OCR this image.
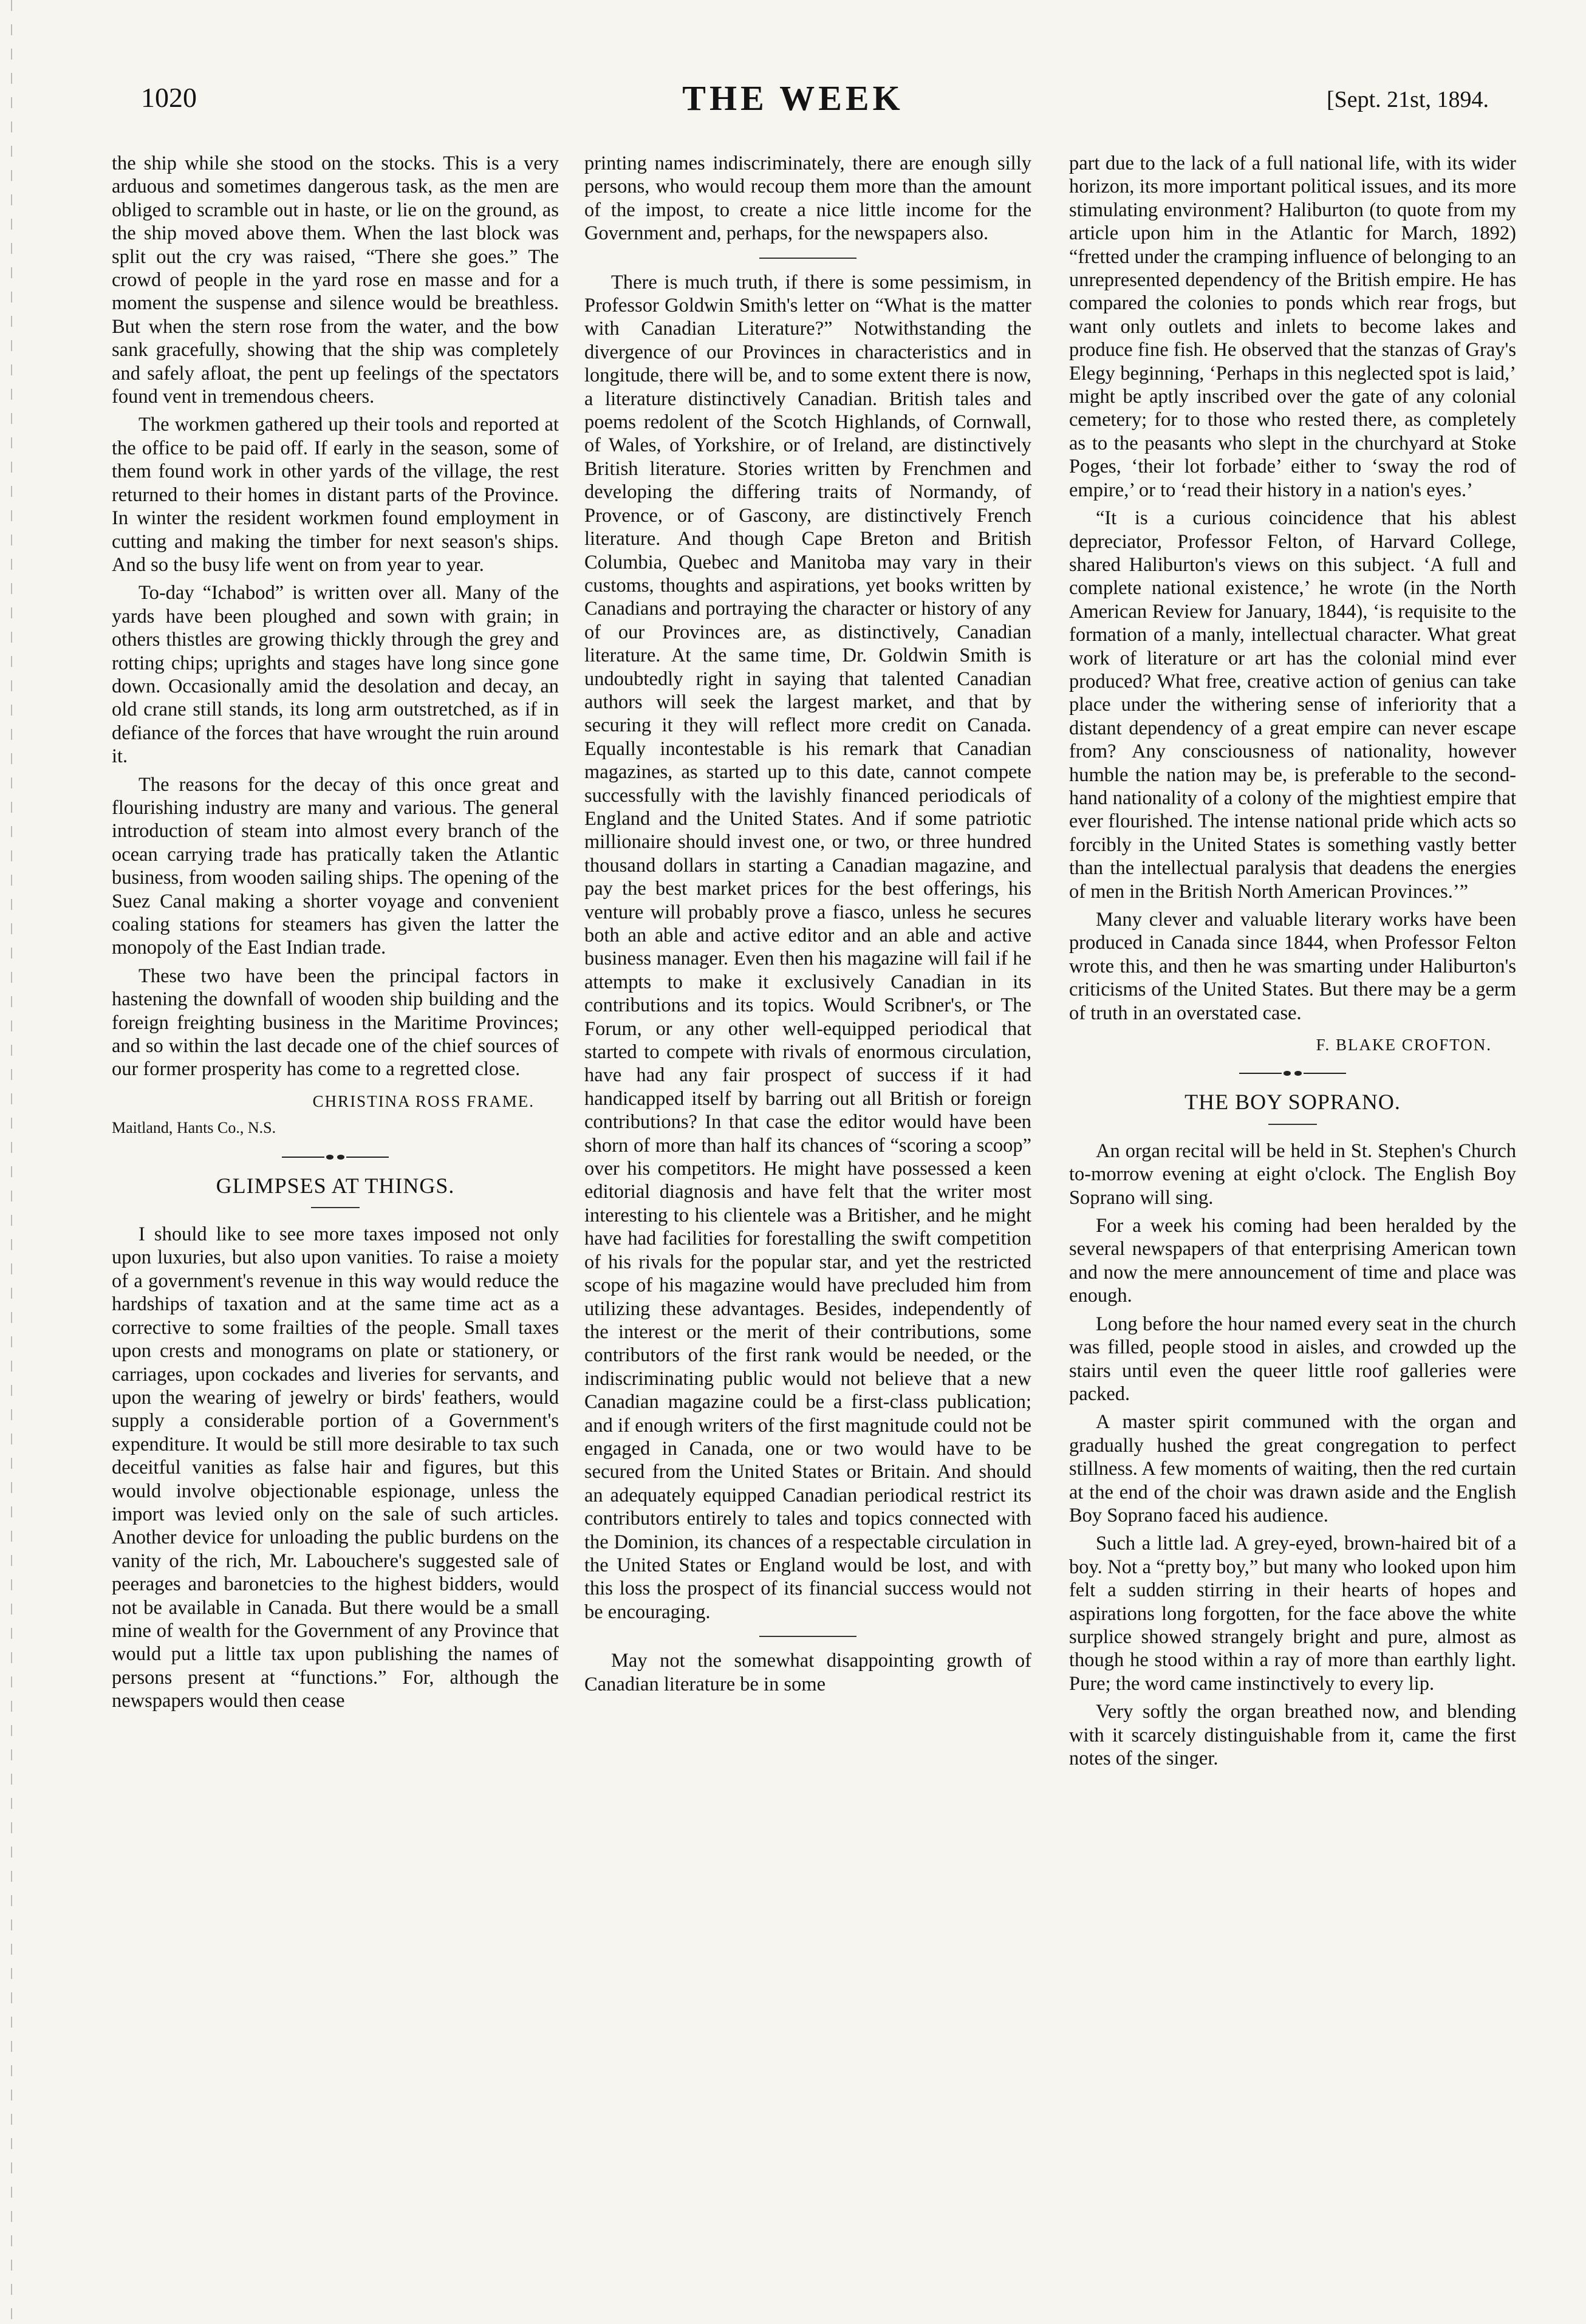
1020	THE WEEK	[Sept. 21st, 1894.

the ship while she stood on the stocks. This is a very arduous and sometimes dangerous task, as the men are obliged to scramble out in haste, or lie on the ground, as the ship moved above them. When the last block was split out the cry was raised, “There she goes.” The crowd of people in the yard rose en masse and for a moment the suspense and silence would be breathless. But when the stern rose from the water, and the bow sank gracefully, showing that the ship was completely and safely afloat, the pent up feelings of the spectators found vent in tremendous cheers.

The workmen gathered up their tools and reported at the office to be paid off. If early in the season, some of them found work in other yards of the village, the rest returned to their homes in distant parts of the Province. In winter the resident workmen found employment in cutting and making the timber for next season's ships. And so the busy life went on from year to year.

To-day “Ichabod” is written over all. Many of the yards have been ploughed and sown with grain; in others thistles are growing thickly through the grey and rotting chips; uprights and stages have long since gone down. Occasionally amid the desolation and decay, an old crane still stands, its long arm outstretched, as if in defiance of the forces that have wrought the ruin around it.

The reasons for the decay of this once great and flourishing industry are many and various. The general introduction of steam into almost every branch of the ocean carrying trade has pratically taken the Atlantic business, from wooden sailing ships. The opening of the Suez Canal making a shorter voyage and convenient coaling stations for steamers has given the latter the monopoly of the East Indian trade.

These two have been the principal factors in hastening the downfall of wooden ship building and the foreign freighting business in the Maritime Provinces; and so within the last decade one of the chief sources of our former prosperity has come to a regretted close.

CHRISTINA ROSS FRAME.

Maitland, Hants Co., N.S.

GLIMPSES AT THINGS.

I should like to see more taxes imposed not only upon luxuries, but also upon vanities. To raise a moiety of a government's revenue in this way would reduce the hardships of taxation and at the same time act as a corrective to some frailties of the people. Small taxes upon crests and monograms on plate or stationery, or carriages, upon cockades and liveries for servants, and upon the wearing of jewelry or birds' feathers, would supply a considerable portion of a Government's expenditure. It would be still more desirable to tax such deceitful vanities as false hair and figures, but this would involve objectionable espionage, unless the import was levied only on the sale of such articles. Another device for unloading the public burdens on the vanity of the rich, Mr. Labouchere's suggested sale of peerages and baronetcies to the highest bidders, would not be available in Canada. But there would be a small mine of wealth for the Government of any Province that would put a little tax upon publishing the names of persons present at “functions.” For, although the newspapers would then cease

printing names indiscriminately, there are enough silly persons, who would recoup them more than the amount of the impost, to create a nice little income for the Government and, perhaps, for the newspapers also.

There is much truth, if there is some pessimism, in Professor Goldwin Smith's letter on “What is the matter with Canadian Literature?” Notwithstanding the divergence of our Provinces in characteristics and in longitude, there will be, and to some extent there is now, a literature distinctively Canadian. British tales and poems redolent of the Scotch Highlands, of Cornwall, of Wales, of Yorkshire, or of Ireland, are distinctively British literature. Stories written by Frenchmen and developing the differing traits of Normandy, of Provence, or of Gascony, are distinctively French literature. And though Cape Breton and British Columbia, Quebec and Manitoba may vary in their customs, thoughts and aspirations, yet books written by Canadians and portraying the character or history of any of our Provinces are, as distinctively, Canadian literature. At the same time, Dr. Goldwin Smith is undoubtedly right in saying that talented Canadian authors will seek the largest market, and that by securing it they will reflect more credit on Canada. Equally incontestable is his remark that Canadian magazines, as started up to this date, cannot compete successfully with the lavishly financed periodicals of England and the United States. And if some patriotic millionaire should invest one, or two, or three hundred thousand dollars in starting a Canadian magazine, and pay the best market prices for the best offerings, his venture will probably prove a fiasco, unless he secures both an able and active editor and an able and active business manager. Even then his magazine will fail if he attempts to make it exclusively Canadian in its contributions and its topics. Would Scribner's, or The Forum, or any other well-equipped periodical that started to compete with rivals of enormous circulation, have had any fair prospect of success if it had handicapped itself by barring out all British or foreign contributions? In that case the editor would have been shorn of more than half its chances of “scoring a scoop” over his competitors. He might have possessed a keen editorial diagnosis and have felt that the writer most interesting to his clientele was a Britisher, and he might have had facilities for forestalling the swift competition of his rivals for the popular star, and yet the restricted scope of his magazine would have precluded him from utilizing these advantages. Besides, independently of the interest or the merit of their contributions, some contributors of the first rank would be needed, or the indiscriminating public would not believe that a new Canadian magazine could be a first-class publication; and if enough writers of the first magnitude could not be engaged in Canada, one or two would have to be secured from the United States or Britain. And should an adequately equipped Canadian periodical restrict its contributors entirely to tales and topics connected with the Dominion, its chances of a respectable circulation in the United States or England would be lost, and with this loss the prospect of its financial success would not be encouraging.

May not the somewhat disappointing growth of Canadian literature be in some

part due to the lack of a full national life, with its wider horizon, its more important political issues, and its more stimulating environment? Haliburton (to quote from my article upon him in the Atlantic for March, 1892) “fretted under the cramping influence of belonging to an unrepresented dependency of the British empire. He has compared the colonies to ponds which rear frogs, but want only outlets and inlets to become lakes and produce fine fish. He observed that the stanzas of Gray's Elegy beginning, ‘Perhaps in this neglected spot is laid,’ might be aptly inscribed over the gate of any colonial cemetery; for to those who rested there, as completely as to the peasants who slept in the churchyard at Stoke Poges, ‘their lot forbade’ either to ‘sway the rod of empire,’ or to ‘read their history in a nation's eyes.’

“It is a curious coincidence that his ablest depreciator, Professor Felton, of Harvard College, shared Haliburton's views on this subject. ‘A full and complete national existence,’ he wrote (in the North American Review for January, 1844), ‘is requisite to the formation of a manly, intellectual character. What great work of literature or art has the colonial mind ever produced? What free, creative action of genius can take place under the withering sense of inferiority that a distant dependency of a great empire can never escape from? Any consciousness of nationality, however humble the nation may be, is preferable to the second-hand nationality of a colony of the mightiest empire that ever flourished. The intense national pride which acts so forcibly in the United States is something vastly better than the intellectual paralysis that deadens the energies of men in the British North American Provinces.’”

Many clever and valuable literary works have been produced in Canada since 1844, when Professor Felton wrote this, and then he was smarting under Haliburton's criticisms of the United States. But there may be a germ of truth in an overstated case.

F. BLAKE CROFTON.

THE BOY SOPRANO.

An organ recital will be held in St. Stephen's Church to-morrow evening at eight o'clock. The English Boy Soprano will sing.

For a week his coming had been heralded by the several newspapers of that enterprising American town and now the mere announcement of time and place was enough.

Long before the hour named every seat in the church was filled, people stood in aisles, and crowded up the stairs until even the queer little roof galleries were packed.

A master spirit communed with the organ and gradually hushed the great congregation to perfect stillness. A few moments of waiting, then the red curtain at the end of the choir was drawn aside and the English Boy Soprano faced his audience.

Such a little lad. A grey-eyed, brown-haired bit of a boy. Not a “pretty boy,” but many who looked upon him felt a sudden stirring in their hearts of hopes and aspirations long forgotten, for the face above the white surplice showed strangely bright and pure, almost as though he stood within a ray of more than earthly light. Pure; the word came instinctively to every lip.

Very softly the organ breathed now, and blending with it scarcely distinguishable from it, came the first notes of the singer.
